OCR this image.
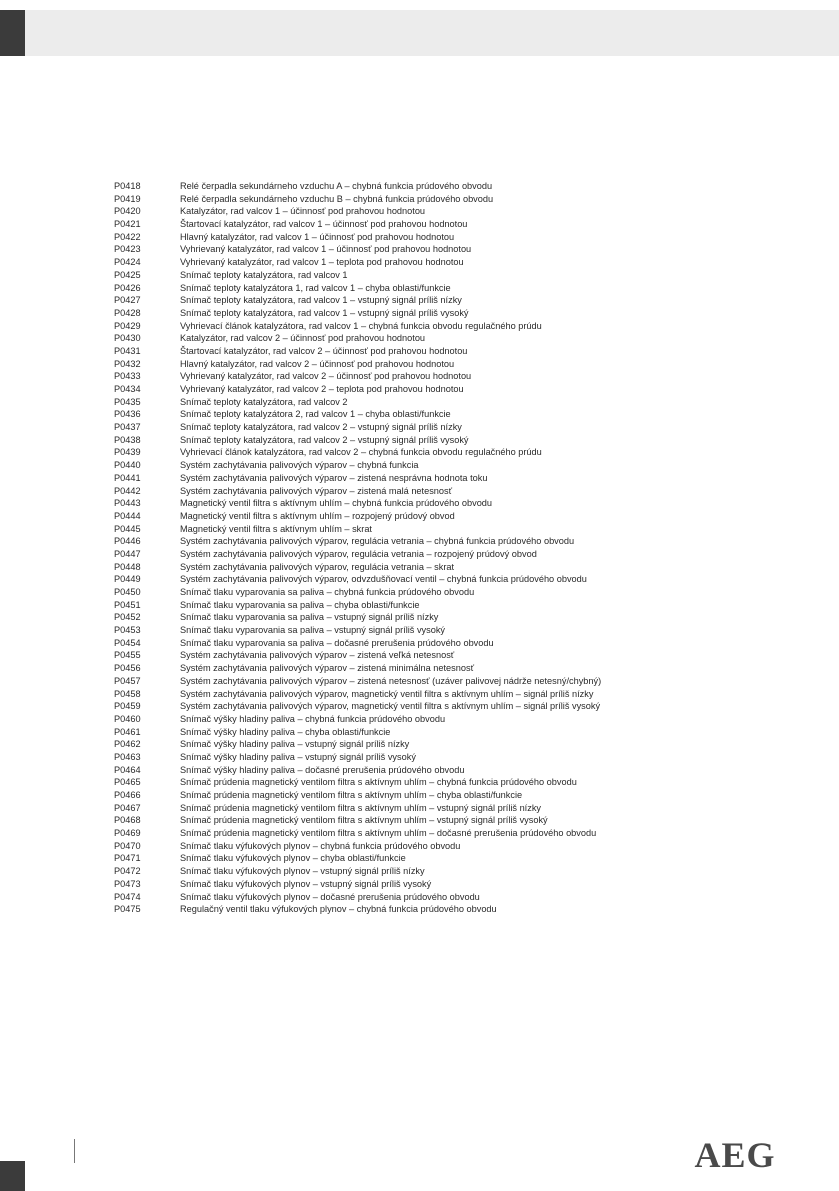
P0418	Relé čerpadla sekundárneho vzduchu A – chybná funkcia prúdového obvodu
P0419	Relé čerpadla sekundárneho vzduchu B – chybná funkcia prúdového obvodu
P0420	Katalyzátor, rad valcov 1 – účinnosť pod prahovou hodnotou
P0421	Štartovací katalyzátor, rad valcov 1 – účinnosť pod prahovou hodnotou
P0422	Hlavný katalyzátor, rad valcov 1 – účinnosť pod prahovou hodnotou
P0423	Vyhrievaný katalyzátor, rad valcov 1 – účinnosť pod prahovou hodnotou
P0424	Vyhrievaný katalyzátor, rad valcov 1 – teplota pod prahovou hodnotou
P0425	Snímač teploty katalyzátora, rad valcov 1
P0426	Snímač teploty katalyzátora 1, rad valcov 1 – chyba oblasti/funkcie
P0427	Snímač teploty katalyzátora, rad valcov 1 – vstupný signál príliš nízky
P0428	Snímač teploty katalyzátora, rad valcov 1 – vstupný signál príliš vysoký
P0429	Vyhrievací článok katalyzátora, rad valcov 1 – chybná funkcia obvodu regulačného prúdu
P0430	Katalyzátor, rad valcov 2 – účinnosť pod prahovou hodnotou
P0431	Štartovací katalyzátor, rad valcov 2 – účinnosť pod prahovou hodnotou
P0432	Hlavný katalyzátor, rad valcov 2 – účinnosť pod prahovou hodnotou
P0433	Vyhrievaný katalyzátor, rad valcov 2 – účinnosť pod prahovou hodnotou
P0434	Vyhrievaný katalyzátor, rad valcov 2 – teplota pod prahovou hodnotou
P0435	Snímač teploty katalyzátora, rad valcov 2
P0436	Snímač teploty katalyzátora 2, rad valcov 1 – chyba oblasti/funkcie
P0437	Snímač teploty katalyzátora, rad valcov 2 – vstupný signál príliš nízky
P0438	Snímač teploty katalyzátora, rad valcov 2 – vstupný signál príliš vysoký
P0439	Vyhrievací článok katalyzátora, rad valcov 2 – chybná funkcia obvodu regulačného prúdu
P0440	Systém zachytávania palivových výparov – chybná funkcia
P0441	Systém zachytávania palivových výparov – zistená nesprávna hodnota toku
P0442	Systém zachytávania palivových výparov – zistená malá netesnosť
P0443	Magnetický ventil filtra s aktívnym uhlím – chybná funkcia prúdového obvodu
P0444	Magnetický ventil filtra s aktívnym uhlím – rozpojený prúdový obvod
P0445	Magnetický ventil filtra s aktívnym uhlím – skrat
P0446	Systém zachytávania palivových výparov, regulácia vetrania – chybná funkcia prúdového obvodu
P0447	Systém zachytávania palivových výparov, regulácia vetrania – rozpojený prúdový obvod
P0448	Systém zachytávania palivových výparov, regulácia vetrania – skrat
P0449	Systém zachytávania palivových výparov, odvzdušňovací ventil – chybná funkcia prúdového obvodu
P0450	Snímač tlaku vyparovania sa paliva – chybná funkcia prúdového obvodu
P0451	Snímač tlaku vyparovania sa paliva – chyba oblasti/funkcie
P0452	Snímač tlaku vyparovania sa paliva – vstupný signál príliš nízky
P0453	Snímač tlaku vyparovania sa paliva – vstupný signál príliš vysoký
P0454	Snímač tlaku vyparovania sa paliva – dočasné prerušenia prúdového obvodu
P0455	Systém zachytávania palivových výparov – zistená veľká netesnosť
P0456	Systém zachytávania palivových výparov – zistená minimálna netesnosť
P0457	Systém zachytávania palivových výparov – zistená netesnosť (uzáver palivovej nádrže netesný/chybný)
P0458	Systém zachytávania palivových výparov, magnetický ventil filtra s aktívnym uhlím – signál príliš nízky
P0459	Systém zachytávania palivových výparov, magnetický ventil filtra s aktívnym uhlím – signál príliš vysoký
P0460	Snímač výšky hladiny paliva – chybná funkcia prúdového obvodu
P0461	Snímač výšky hladiny paliva – chyba oblasti/funkcie
P0462	Snímač výšky hladiny paliva – vstupný signál príliš nízky
P0463	Snímač výšky hladiny paliva – vstupný signál príliš vysoký
P0464	Snímač výšky hladiny paliva – dočasné prerušenia prúdového obvodu
P0465	Snímač prúdenia magnetický ventilom filtra s aktívnym uhlím – chybná funkcia prúdového obvodu
P0466	Snímač prúdenia magnetický ventilom filtra s aktívnym uhlím – chyba oblasti/funkcie
P0467	Snímač prúdenia magnetický ventilom filtra s aktívnym uhlím – vstupný signál príliš nízky
P0468	Snímač prúdenia magnetický ventilom filtra s aktívnym uhlím – vstupný signál príliš vysoký
P0469	Snímač prúdenia magnetický ventilom filtra s aktívnym uhlím – dočasné prerušenia prúdového obvodu
P0470	Snímač tlaku výfukových plynov – chybná funkcia prúdového obvodu
P0471	Snímač tlaku výfukových plynov – chyba oblasti/funkcie
P0472	Snímač tlaku výfukových plynov – vstupný signál príliš nízky
P0473	Snímač tlaku výfukových plynov – vstupný signál príliš vysoký
P0474	Snímač tlaku výfukových plynov – dočasné prerušenia prúdového obvodu
P0475	Regulačný ventil tlaku výfukových plynov – chybná funkcia prúdového obvodu
AEG
